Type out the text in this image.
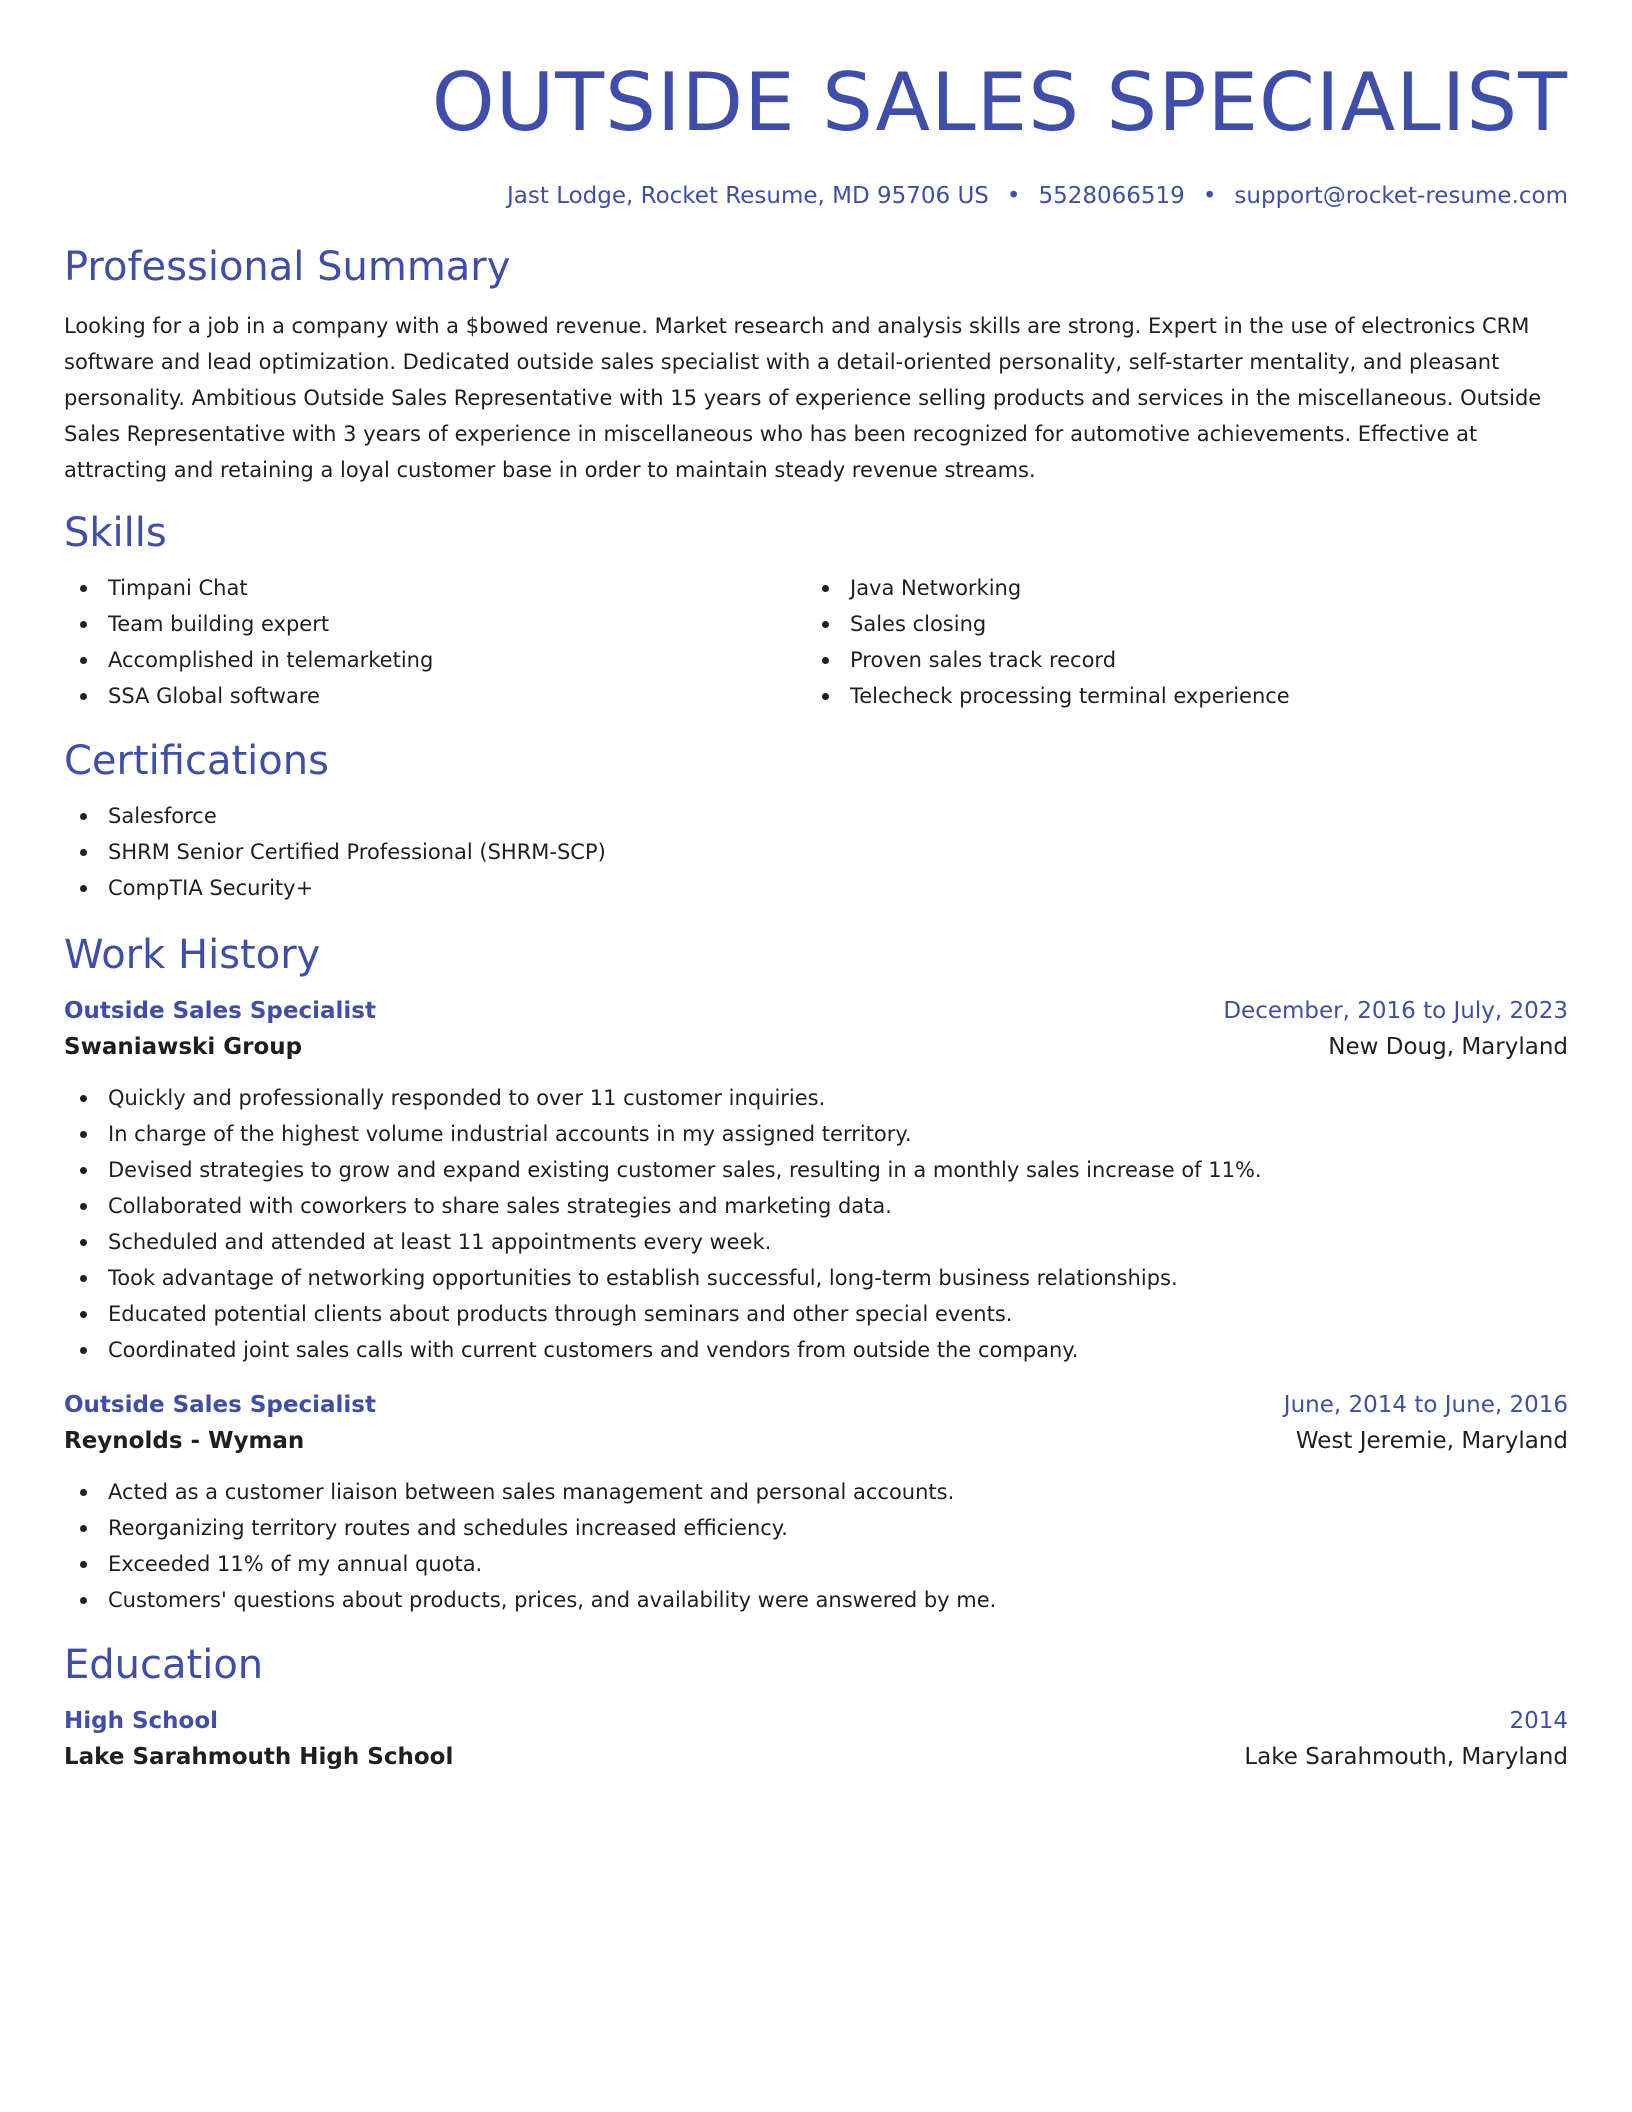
OUTSIDE SALES SPECIALIST
Jast Lodge, Rocket Resume, MD 95706 US • 5528066519 • support@rocket-resume.com
Professional Summary

Looking for a job in a company with a $bowed revenue. Market research and analysis skills are strong. Expert in the use of electronics CRM software and lead optimization. Dedicated outside sales specialist with a detail-oriented personality, self-starter mentality, and pleasant personality. Ambitious Outside Sales Representative with 15 years of experience selling products and services in the miscellaneous. Outside Sales Representative with 3 years of experience in miscellaneous who has been recognized for automotive achievements. Effective at attracting and retaining a loyal customer base in order to maintain steady revenue streams.

Skills
Timpani Chat
Team building expert
Accomplished in telemarketing
SSA Global software
Java Networking
Sales closing
Proven sales track record
Telecheck processing terminal experience
Certifications
Salesforce
SHRM Senior Certified Professional (SHRM-SCP)
CompTIA Security+
Work History
Outside Sales Specialist	December, 2016 to July, 2023
Swaniawski Group	New Doug, Maryland
Quickly and professionally responded to over 11 customer inquiries.
In charge of the highest volume industrial accounts in my assigned territory.
Devised strategies to grow and expand existing customer sales, resulting in a monthly sales increase of 11%.
Collaborated with coworkers to share sales strategies and marketing data.
Scheduled and attended at least 11 appointments every week.
Took advantage of networking opportunities to establish successful, long-term business relationships.
Educated potential clients about products through seminars and other special events.
Coordinated joint sales calls with current customers and vendors from outside the company.
Outside Sales Specialist	June, 2014 to June, 2016
Reynolds - Wyman	West Jeremie, Maryland
Acted as a customer liaison between sales management and personal accounts.
Reorganizing territory routes and schedules increased efficiency.
Exceeded 11% of my annual quota.
Customers' questions about products, prices, and availability were answered by me.
Education
High School	2014
Lake Sarahmouth High School	Lake Sarahmouth, Maryland
